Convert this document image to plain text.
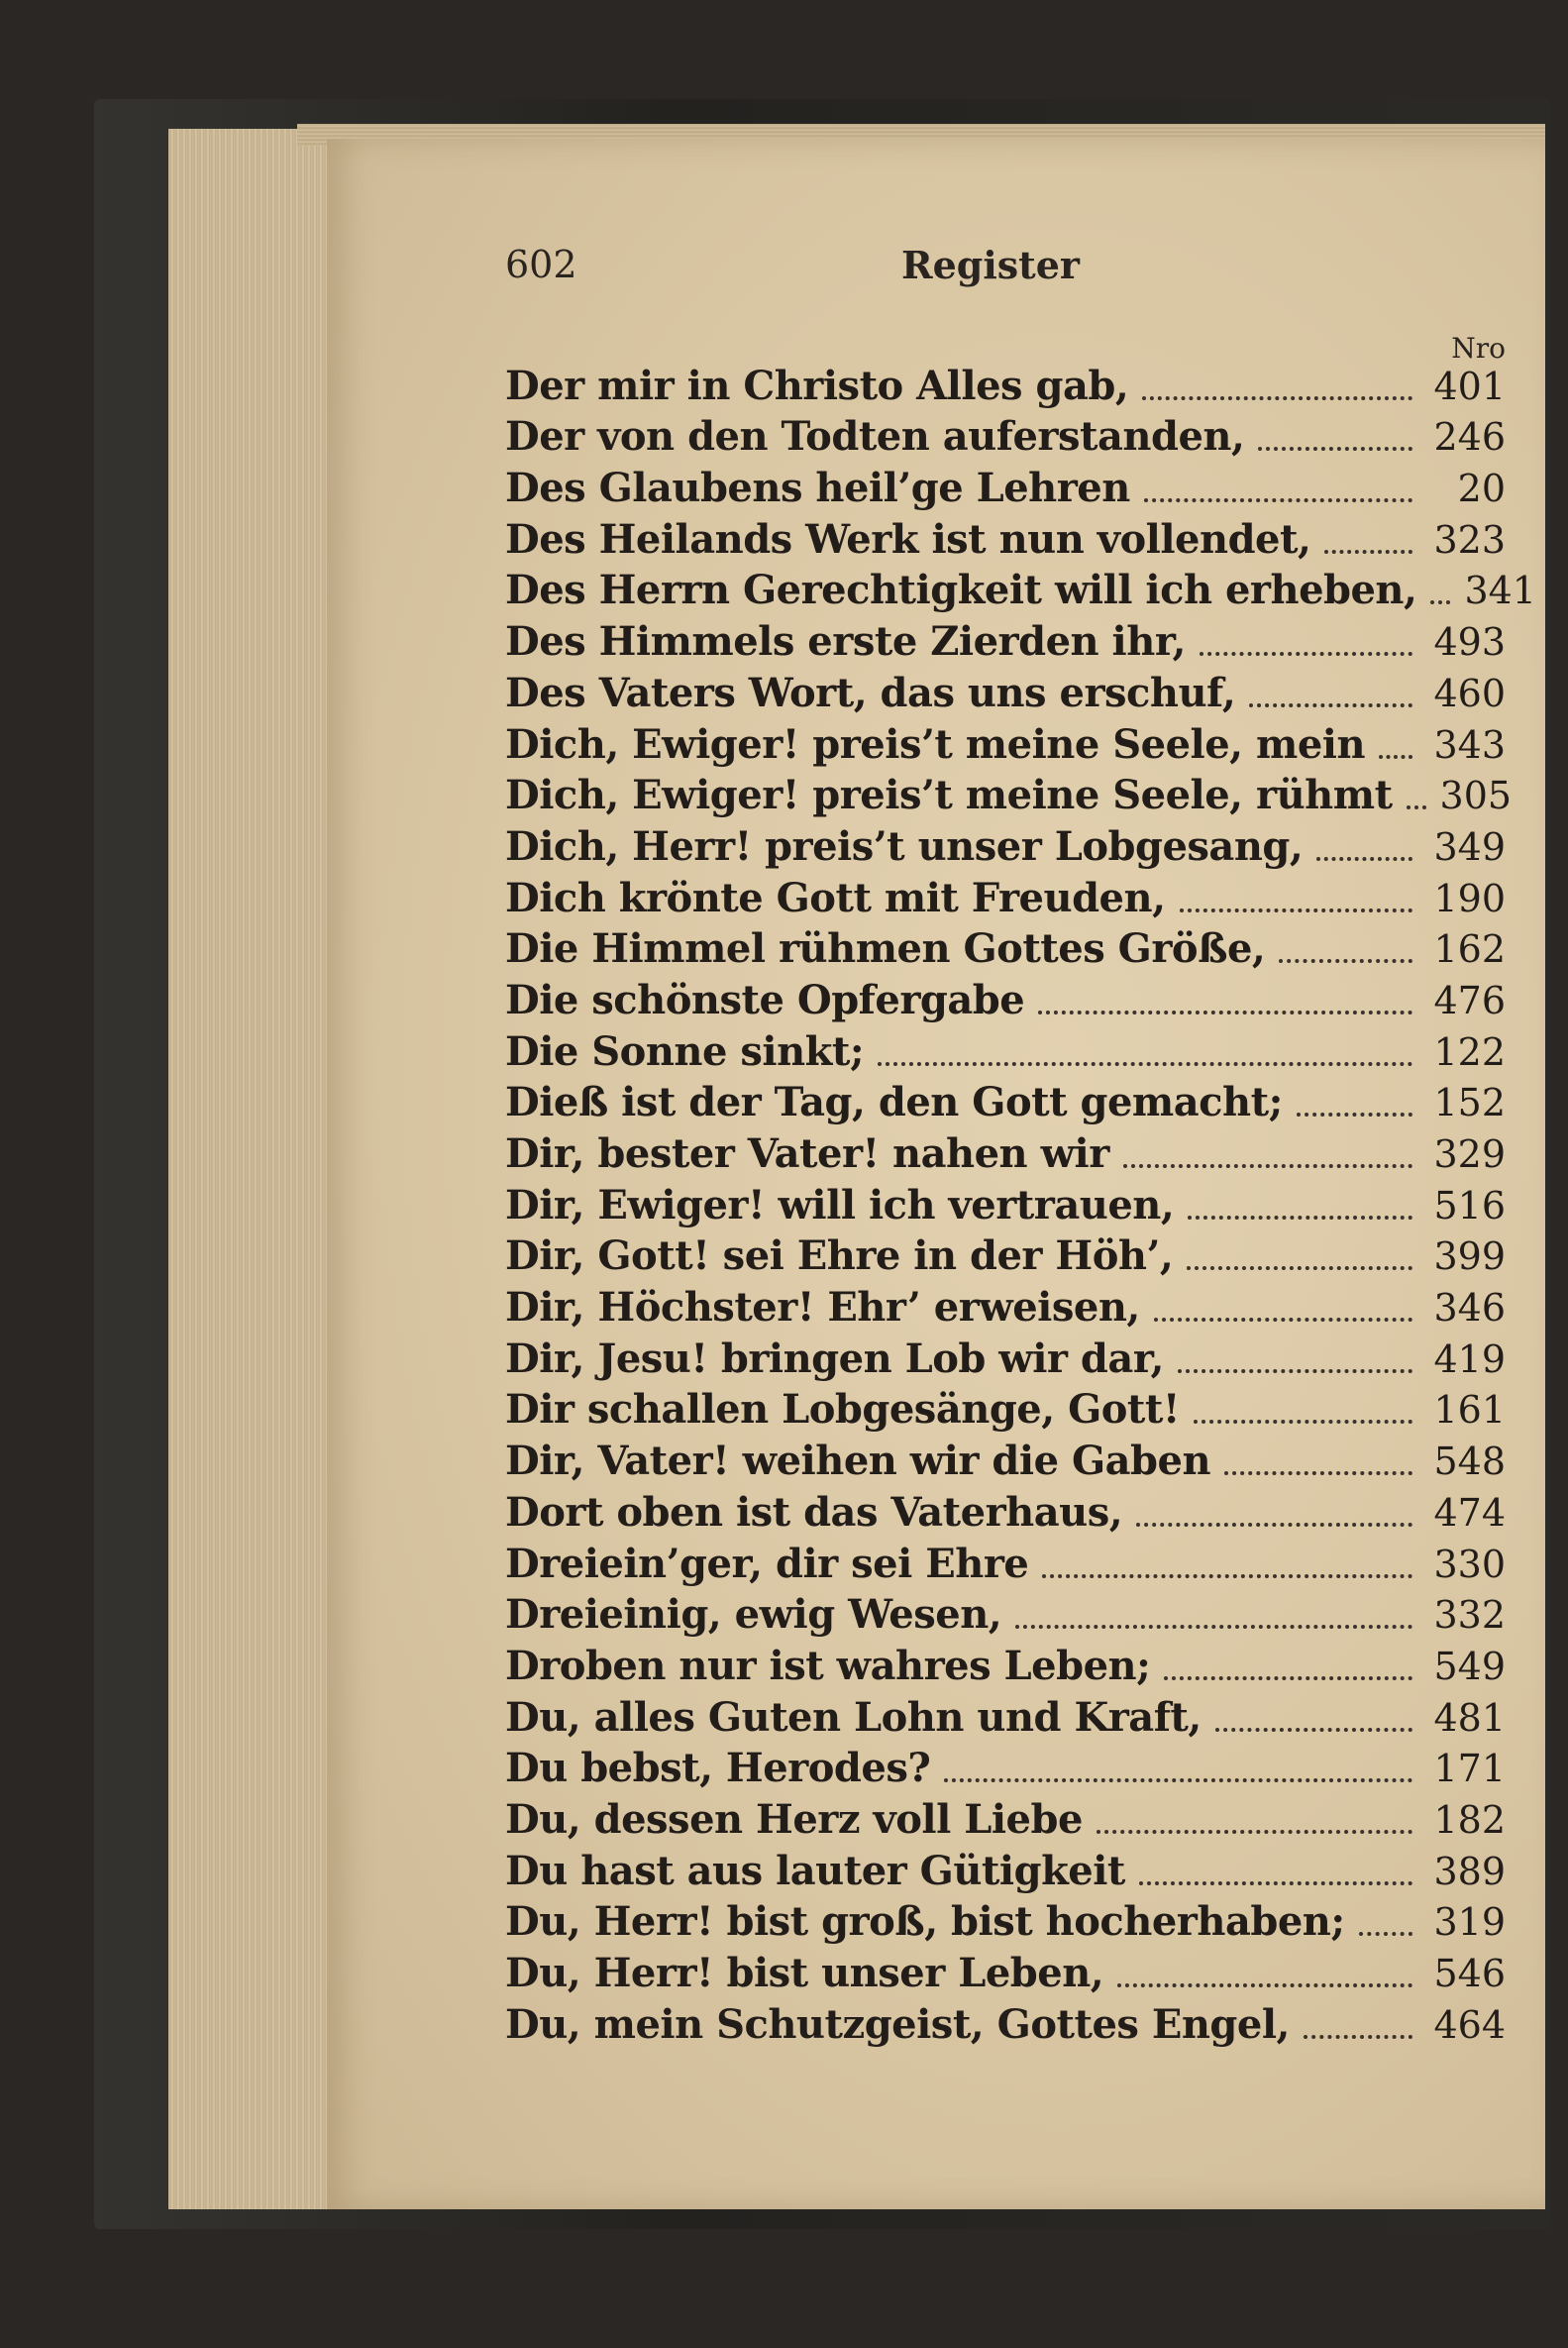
602	Register
Nro
Der mir in Christo Alles gab,	401
Der von den Todten auferstanden,	246
Des Glaubens heil’ge Lehren	20
Des Heilands Werk ist nun vollendet,	323
Des Herrn Gerechtigkeit will ich erheben, 341
Des Himmels erste Zierden ihr,	493
Des Vaters Wort, das uns erschuf,	460
Dich, Ewiger! preis’t meine Seele, mein 343
Dich, Ewiger! preis’t meine Seele, rühmt 305
Dich, Herr! preis’t unser Lobgesang,	349
Dich krönte Gott mit Freuden,	190
Die Himmel rühmen Gottes Größe,	162
Die schönste Opfergabe	476
Die Sonne sinkt;	122
Dieß ist der Tag, den Gott gemacht;	152
Dir, bester Vater! nahen wir	329
Dir, Ewiger! will ich vertrauen,	516
Dir, Gott! sei Ehre in der Höh’,	399
Dir, Höchster! Ehr’ erweisen,	346
Dir, Jesu! bringen Lob wir dar,	419
Dir schallen Lobgesänge, Gott!	161
Dir, Vater! weihen wir die Gaben	548
Dort oben ist das Vaterhaus,	474
Dreiein’ger, dir sei Ehre	330
Dreieinig, ewig Wesen,	332
Droben nur ist wahres Leben;	549
Du, alles Guten Lohn und Kraft,	481
Du bebst, Herodes?	171
Du, dessen Herz voll Liebe	182
Du hast aus lauter Gütigkeit	389
Du, Herr! bist groß, bist hocherhaben; 319
Du, Herr! bist unser Leben,	546
Du, mein Schutzgeist, Gottes Engel,	464
